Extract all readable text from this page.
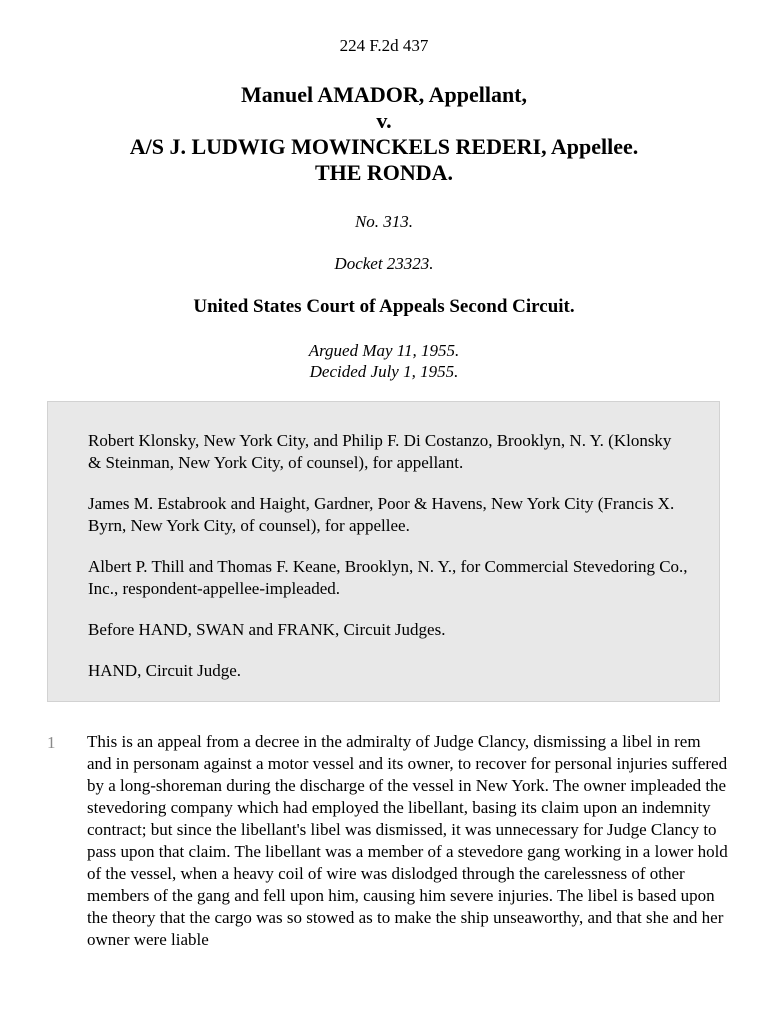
224 F.2d 437
Manuel AMADOR, Appellant,
v.
A/S J. LUDWIG MOWINCKELS REDERI, Appellee.
THE RONDA.
No. 313.
Docket 23323.
United States Court of Appeals Second Circuit.
Argued May 11, 1955.
Decided July 1, 1955.

Robert Klonsky, New York City, and Philip F. Di Costanzo, Brooklyn, N. Y. (Klonsky & Steinman, New York City, of counsel), for appellant.

James M. Estabrook and Haight, Gardner, Poor & Havens, New York City (Francis X. Byrn, New York City, of counsel), for appellee.

Albert P. Thill and Thomas F. Keane, Brooklyn, N. Y., for Commercial Stevedoring Co., Inc., respondent-appellee-impleaded.

Before HAND, SWAN and FRANK, Circuit Judges.

HAND, Circuit Judge.

1 This is an appeal from a decree in the admiralty of Judge Clancy, dismissing a libel in rem and in personam against a motor vessel and its owner, to recover for personal injuries suffered by a long-shoreman during the discharge of the vessel in New York. The owner impleaded the stevedoring company which had employed the libellant, basing its claim upon an indemnity contract; but since the libellant's libel was dismissed, it was unnecessary for Judge Clancy to pass upon that claim. The libellant was a member of a stevedore gang working in a lower hold of the vessel, when a heavy coil of wire was dislodged through the carelessness of other members of the gang and fell upon him, causing him severe injuries. The libel is based upon the theory that the cargo was so stowed as to make the ship unseaworthy, and that she and her owner were liable
